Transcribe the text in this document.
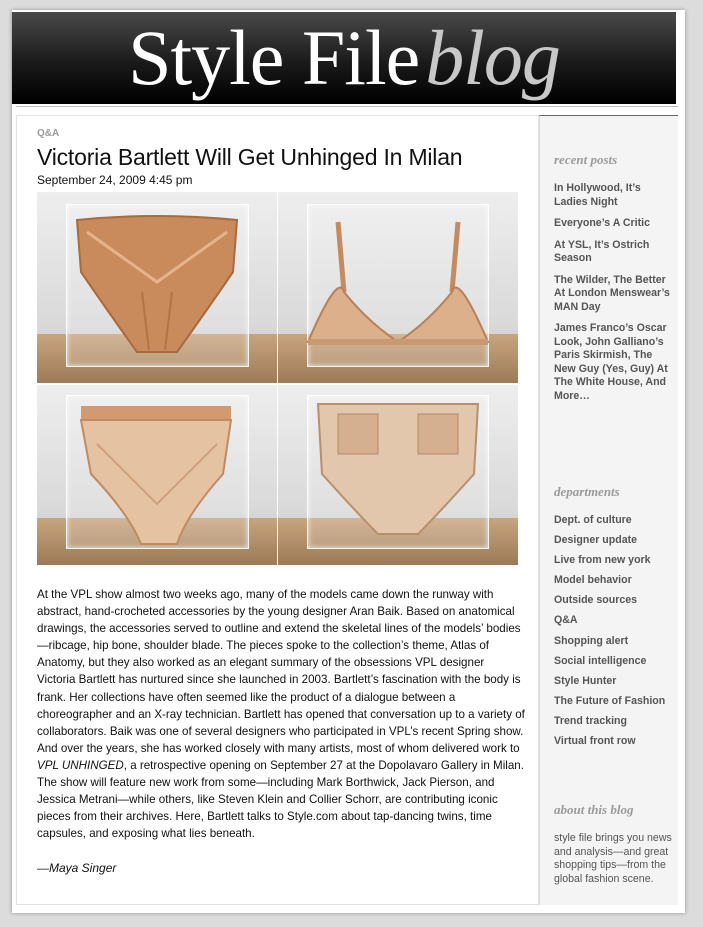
Style Fileblog
Q&A
Victoria Bartlett Will Get Unhinged In Milan
September 24, 2009 4:45 pm
At the VPL show almost two weeks ago, many of the models came down the runway with abstract, hand-crocheted accessories by the young designer Aran Baik. Based on anatomical drawings, the accessories served to outline and extend the skeletal lines of the models’ bodies—ribcage, hip bone, shoulder blade. The pieces spoke to the collection’s theme, Atlas of Anatomy, but they also worked as an elegant summary of the obsessions VPL designer Victoria Bartlett has nurtured since she launched in 2003. Bartlett’s fascination with the body is frank. Her collections have often seemed like the product of a dialogue between a choreographer and an X-ray technician. Bartlett has opened that conversation up to a variety of collaborators. Baik was one of several designers who participated in VPL’s recent Spring show. And over the years, she has worked closely with many artists, most of whom delivered work to VPL UNHINGED, a retrospective opening on September 27 at the Dopolavaro Gallery in Milan. The show will feature new work from some—including Mark Borthwick, Jack Pierson, and Jessica Metrani—while others, like Steven Klein and Collier Schorr, are contributing iconic pieces from their archives. Here, Bartlett talks to Style.com about tap-dancing twins, time capsules, and exposing what lies beneath.
—Maya Singer
recent posts
In Hollywood, It’s Ladies Night
Everyone’s A Critic
At YSL, It’s Ostrich Season
The Wilder, The Better At London Menswear’s MAN Day
James Franco’s Oscar Look, John Galliano’s Paris Skirmish, The New Guy (Yes, Guy) At The White House, And More…
departments
Dept. of culture
Designer update
Live from new york
Model behavior
Outside sources
Q&A
Shopping alert
Social intelligence
Style Hunter
The Future of Fashion
Trend tracking
Virtual front row
about this blog
style file brings you news and analysis—and great shopping tips—from the global fashion scene.
